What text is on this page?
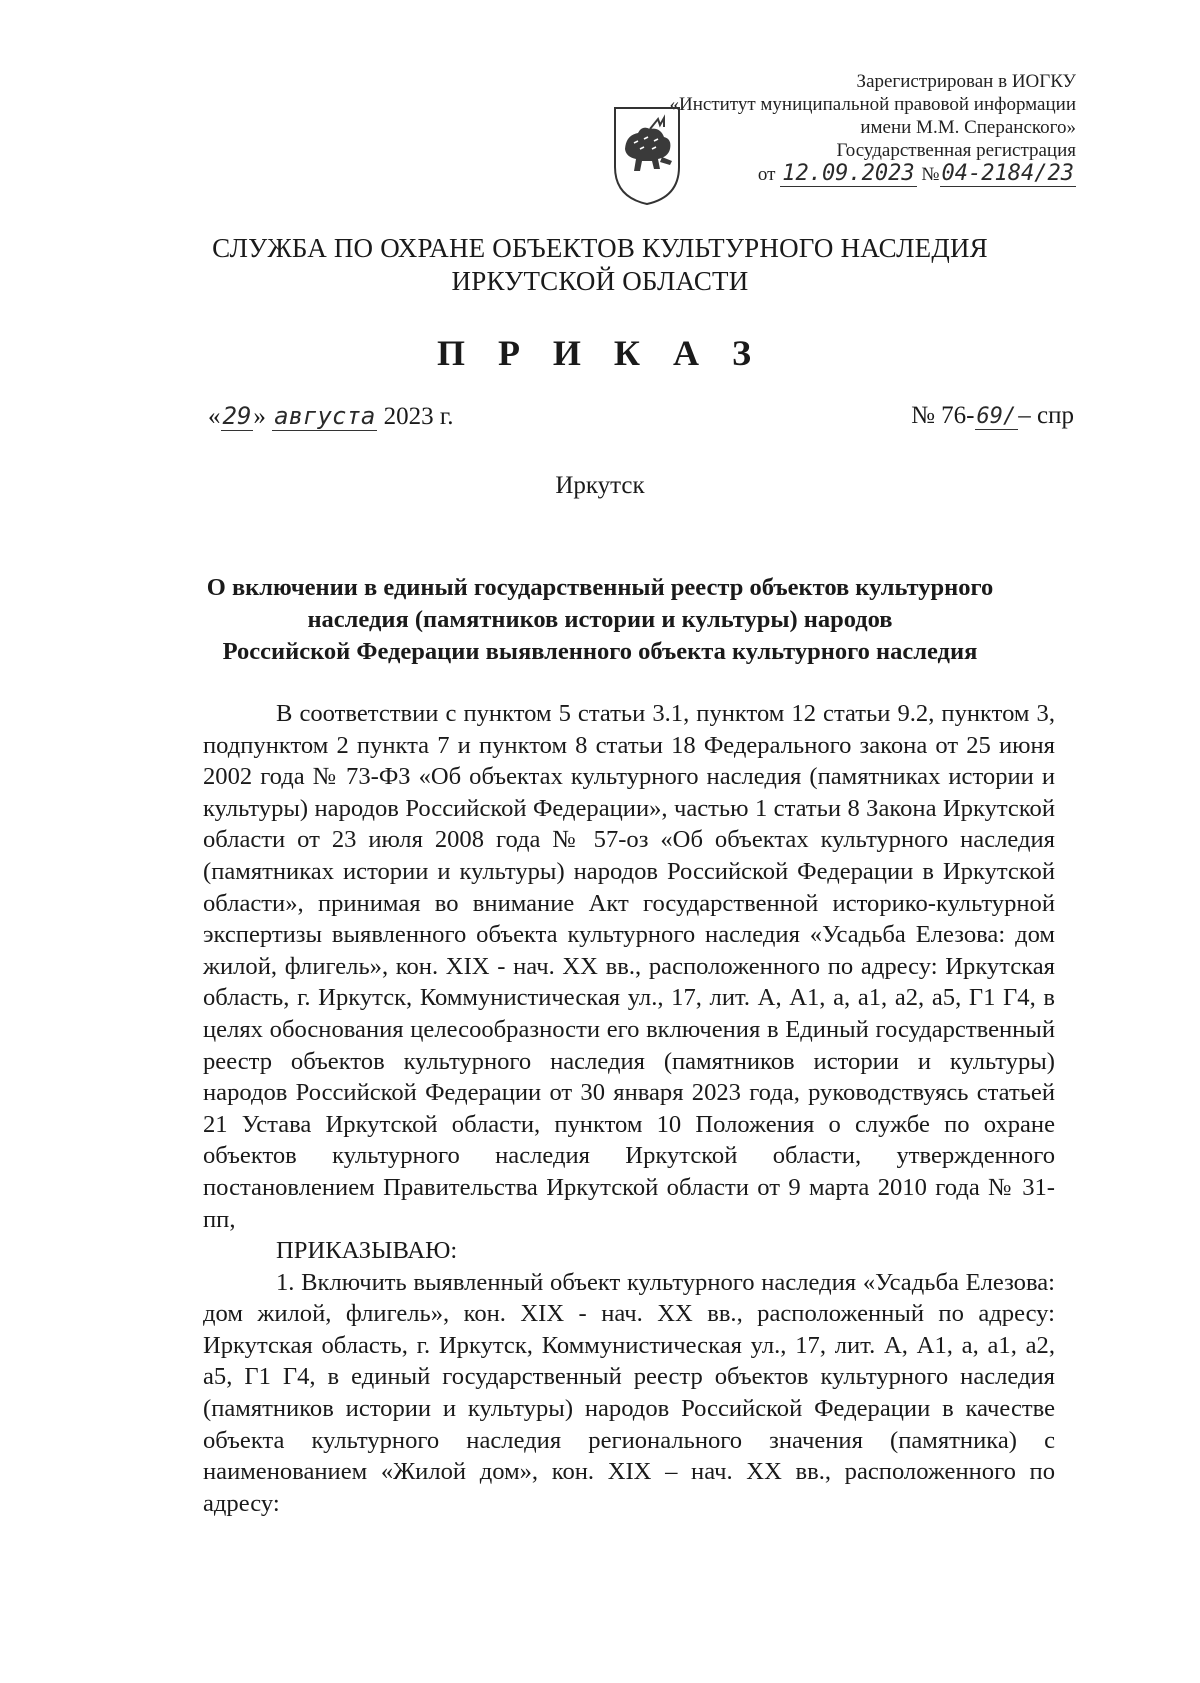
Зарегистрирован в ИОГКУ
«Институт муниципальной правовой информации
имени М.М. Сперанского»
Государственная регистрация
от 12.09.2023 №04-2184/23
СЛУЖБА ПО ОХРАНЕ ОБЪЕКТОВ КУЛЬТУРНОГО НАСЛЕДИЯ
ИРКУТСКОЙ ОБЛАСТИ
П Р И К А З
«29» августа 2023 г.	№ 76-69/– спр
Иркутск
О включении в единый государственный реестр объектов культурного
наследия (памятников истории и культуры) народов
Российской Федерации выявленного объекта культурного наследия

В соответствии с пунктом 5 статьи 3.1, пунктом 12 статьи 9.2, пунктом 3, подпунктом 2 пункта 7 и пунктом 8 статьи 18 Федерального закона от 25 июня 2002 года № 73-ФЗ «Об объектах культурного наследия (памятниках истории и культуры) народов Российской Федерации», частью 1 статьи 8 Закона Иркутской области от 23 июля 2008 года № 57-оз «Об объектах культурного наследия (памятниках истории и культуры) народов Российской Федерации в Иркутской области», принимая во внимание Акт государственной историко-культурной экспертизы выявленного объекта культурного наследия «Усадьба Елезова: дом жилой, флигель», кон. XIX - нач. XX вв., расположенного по адресу: Иркутская область, г. Иркутск, Коммунистическая ул., 17, лит. А, А1, а, а1, а2, а5, Г1 Г4, в целях обоснования целесообразности его включения в Единый государственный реестр объектов культурного наследия (памятников истории и культуры) народов Российской Федерации от 30 января 2023 года, руководствуясь статьей 21 Устава Иркутской области, пунктом 10 Положения о службе по охране объектов культурного наследия Иркутской области, утвержденного постановлением Правительства Иркутской области от 9 марта 2010 года № 31-пп,

ПРИКАЗЫВАЮ:

1. Включить выявленный объект культурного наследия «Усадьба Елезова: дом жилой, флигель», кон. XIX - нач. XX вв., расположенный по адресу: Иркутская область, г. Иркутск, Коммунистическая ул., 17, лит. А, А1, а, а1, а2, а5, Г1 Г4, в единый государственный реестр объектов культурного наследия (памятников истории и культуры) народов Российской Федерации в качестве объекта культурного наследия регионального значения (памятника) с наименованием «Жилой дом», кон. XIX – нач. XX вв., расположенного по адресу:
